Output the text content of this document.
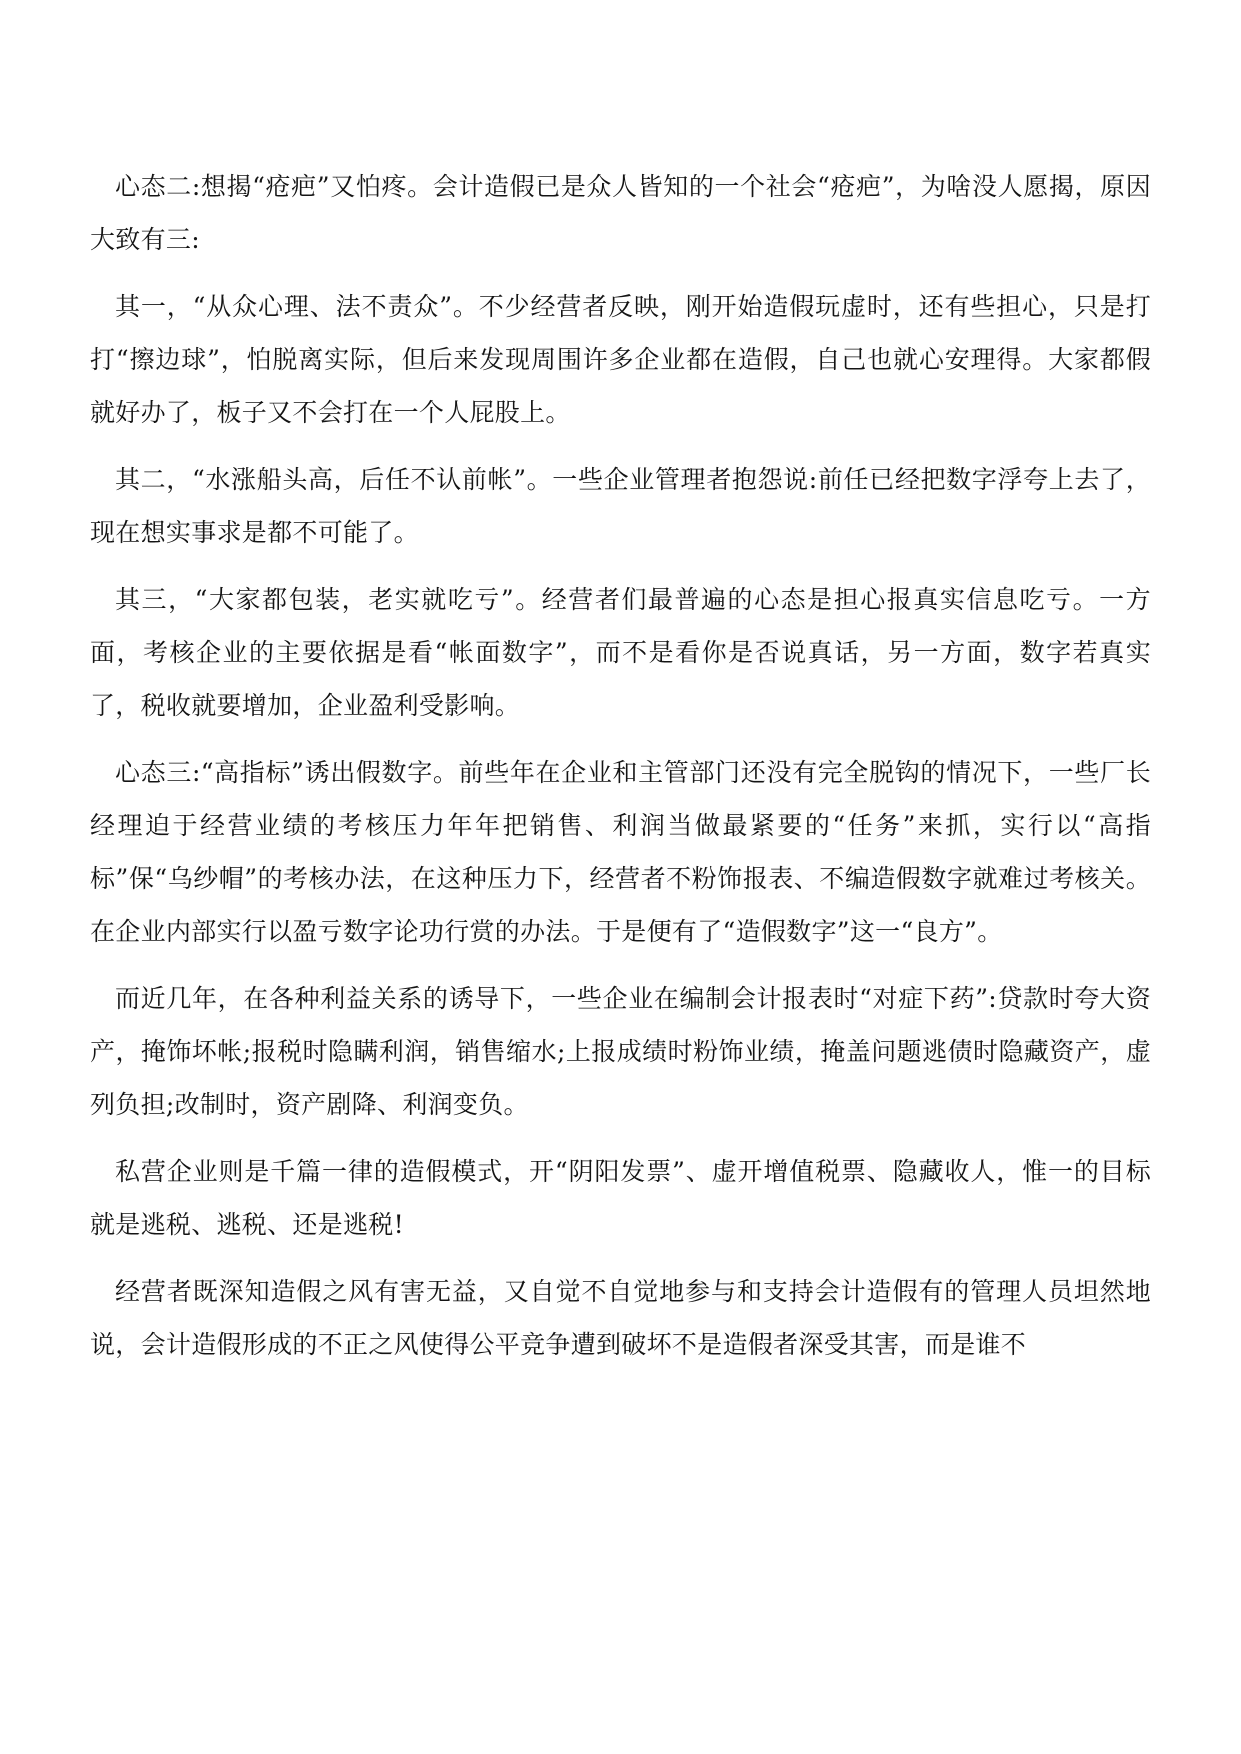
心态二:想揭“疮疤”又怕疼。会计造假已是众人皆知的一个社会“疮疤”，为啥没人愿揭，原因大致有三:

其一，“从众心理、法不责众”。不少经营者反映，刚开始造假玩虚时，还有些担心，只是打打“擦边球”，怕脱离实际，但后来发现周围许多企业都在造假，自己也就心安理得。大家都假就好办了，板子又不会打在一个人屁股上。

其二，“水涨船头高，后任不认前帐”。一些企业管理者抱怨说:前任已经把数字浮夸上去了，现在想实事求是都不可能了。

其三，“大家都包装，老实就吃亏”。经营者们最普遍的心态是担心报真实信息吃亏。一方面，考核企业的主要依据是看“帐面数字”，而不是看你是否说真话，另一方面，数字若真实了，税收就要增加，企业盈利受影响。

心态三:“高指标”诱出假数字。前些年在企业和主管部门还没有完全脱钩的情况下，一些厂长经理迫于经营业绩的考核压力年年把销售、利润当做最紧要的“任务”来抓，实行以“高指标”保“乌纱帽”的考核办法，在这种压力下，经营者不粉饰报表、不编造假数字就难过考核关。在企业内部实行以盈亏数字论功行赏的办法。于是便有了“造假数字”这一“良方”。

而近几年，在各种利益关系的诱导下，一些企业在编制会计报表时“对症下药”:贷款时夸大资产，掩饰坏帐;报税时隐瞒利润，销售缩水;上报成绩时粉饰业绩，掩盖问题逃债时隐藏资产，虚列负担;改制时，资产剧降、利润变负。

私营企业则是千篇一律的造假模式，开“阴阳发票”、虚开增值税票、隐藏收人，惟一的目标就是逃税、逃税、还是逃税!

经营者既深知造假之风有害无益，又自觉不自觉地参与和支持会计造假有的管理人员坦然地说，会计造假形成的不正之风使得公平竞争遭到破坏不是造假者深受其害，而是谁不
